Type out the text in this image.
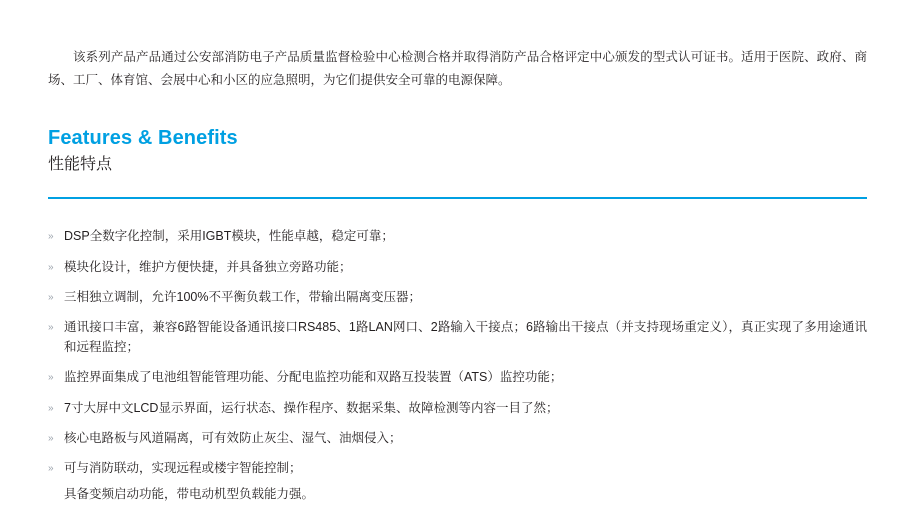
该系列产品产品通过公安部消防电子产品质量监督检验中心检测合格并取得消防产品合格评定中心颁发的型式认可证书。适用于医院、政府、商场、工厂、体育馆、会展中心和小区的应急照明，为它们提供安全可靠的电源保障。

Features & Benefits
性能特点
» DSP全数字化控制，采用IGBT模块，性能卓越，稳定可靠；
» 模块化设计，维护方便快捷，并具备独立旁路功能；
» 三相独立调制，允许100%不平衡负载工作，带输出隔离变压器；
» 通讯接口丰富，兼容6路智能设备通讯接口RS485、1路LAN网口、2路输入干接点；6路输出干接点（并支持现场重定义），真正实现了多用途通讯和远程监控；
» 监控界面集成了电池组智能管理功能、分配电监控功能和双路互投装置（ATS）监控功能；
» 7寸大屏中文LCD显示界面，运行状态、操作程序、数据采集、故障检测等内容一目了然；
» 核心电路板与风道隔离，可有效防止灰尘、湿气、油烟侵入；
» 可与消防联动，实现远程或楼宇智能控制；
具备变频启动功能，带电动机型负载能力强。
